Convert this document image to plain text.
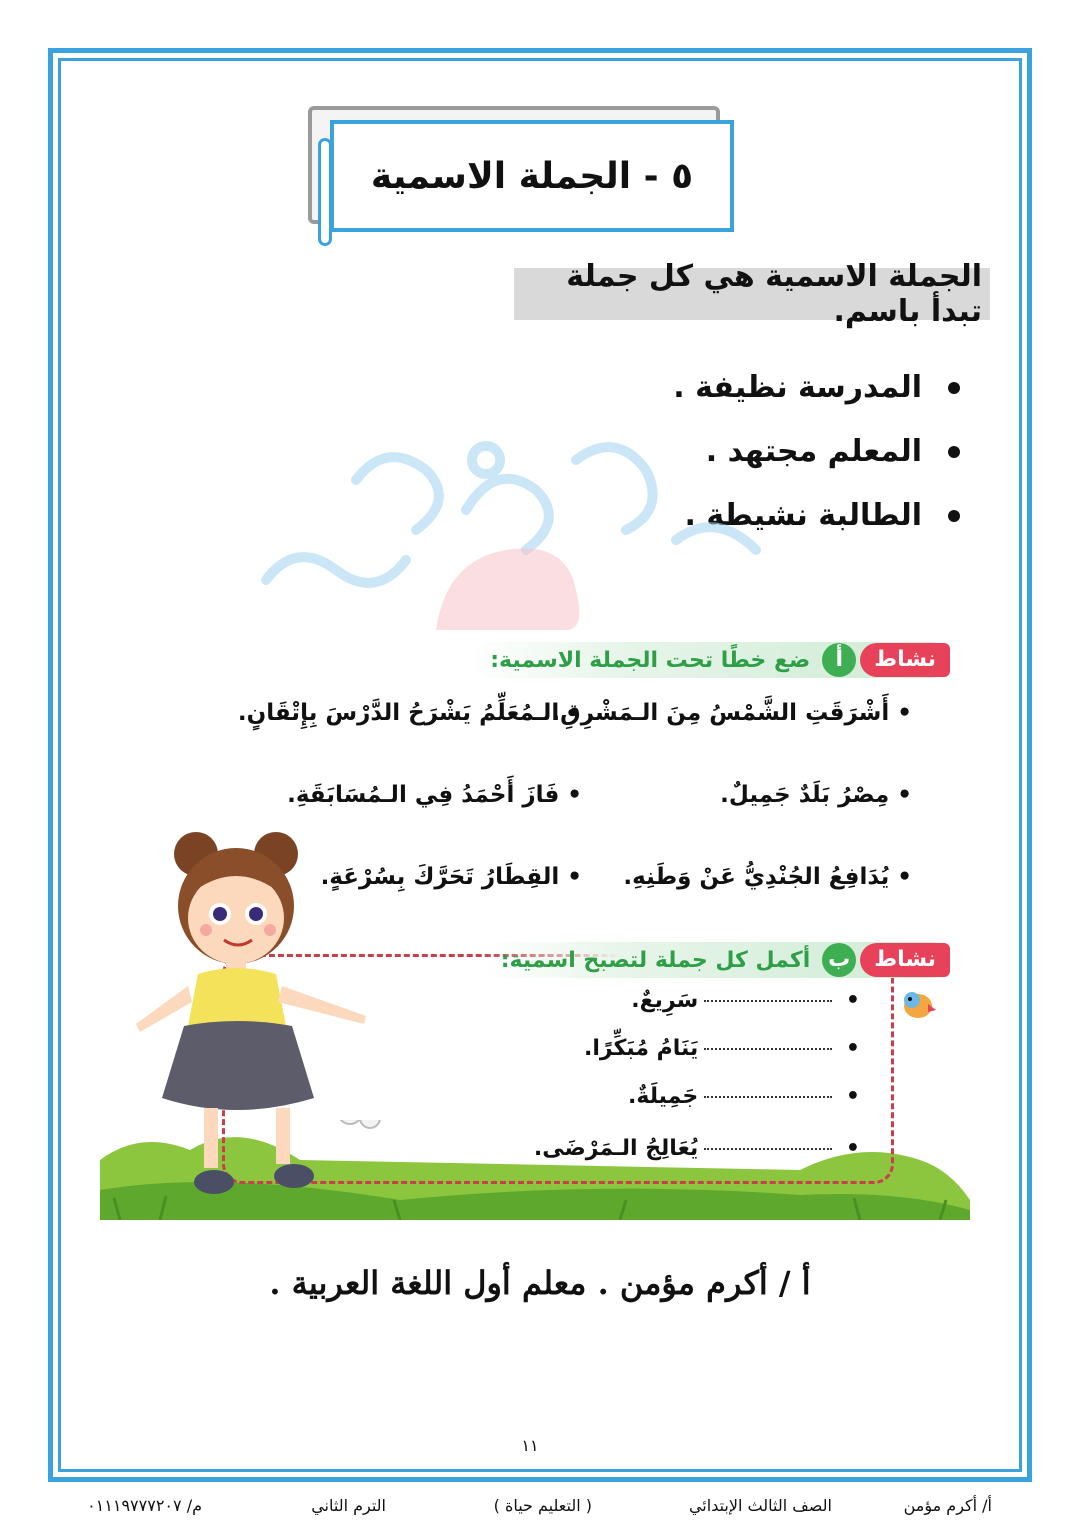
٥ - الجملة الاسمية
الجملة الاسمية هي كل جملة تبدأ باسم.
المدرسة نظيفة .
المعلم مجتهد .
الطالبة نشيطة .
نشاط
أ
ضع خطًا تحت الجملة الاسمية:
• أَشْرَقَتِ الشَّمْسُ مِنَ الـمَشْرِقِ.
• الـمُعَلِّمُ يَشْرَحُ الدَّرْسَ بِإِتْقَانٍ.
• مِصْرُ بَلَدٌ جَمِيلٌ.
• فَازَ أَحْمَدُ فِي الـمُسَابَقَةِ.
• يُدَافِعُ الجُنْدِيُّ عَنْ وَطَنِهِ.
• القِطَارُ تَحَرَّكَ بِسُرْعَةٍ.
نشاط
ب
أكمل كل جملة لتصبح اسمية:
• سَرِيعٌ.
• يَنَامُ مُبَكِّرًا.
• جَمِيلَةٌ.
• يُعَالِجُ الـمَرْضَى.
أ / أكرم مؤمن . معلم أول اللغة العربية .
١١
أ/ أكرم مؤمن
الصف الثالث الإبتدائي
( التعليم حياة )
الترم الثاني
م/ ٠١١١٩٧٧٧٢٠٧
